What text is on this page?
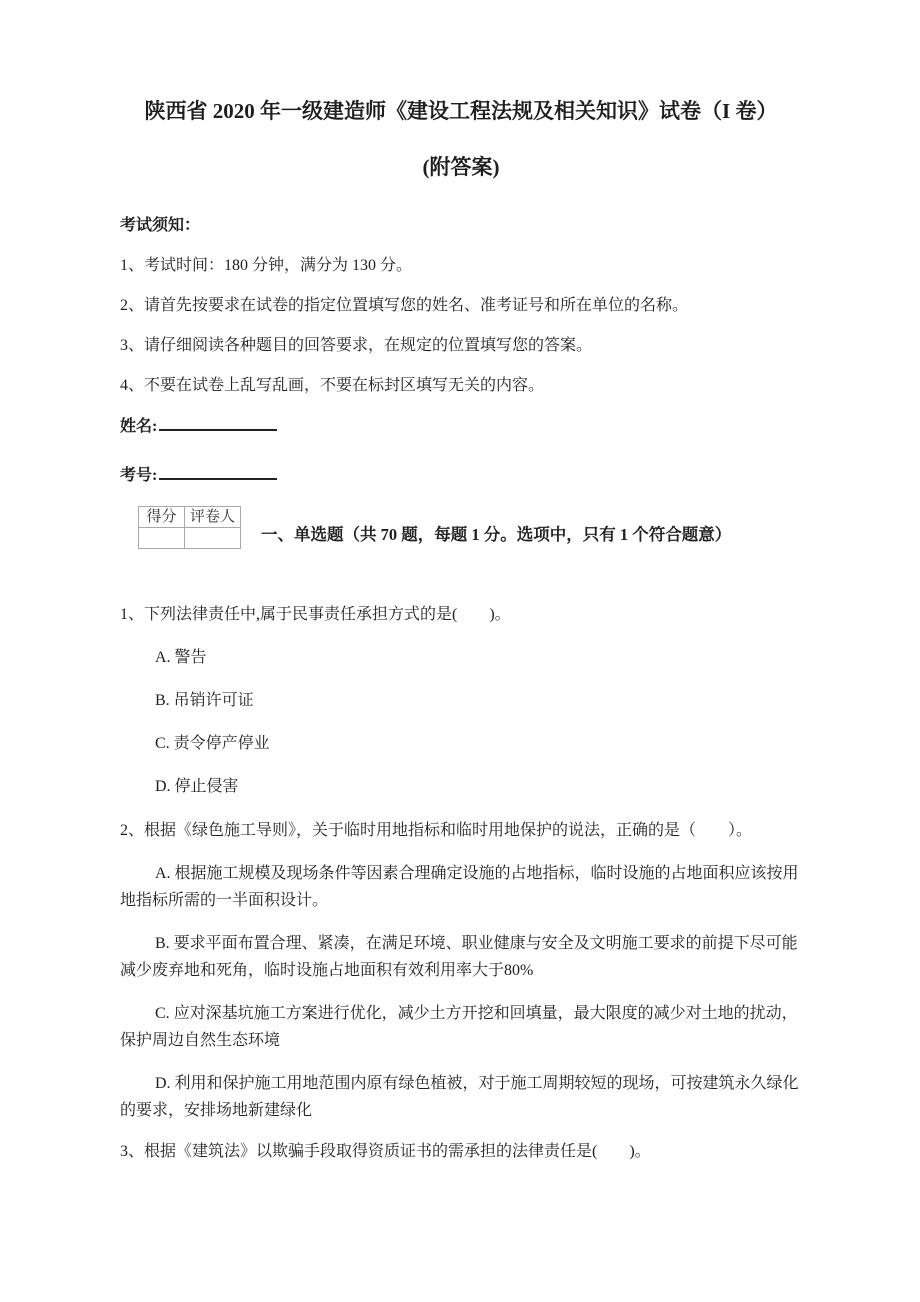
陕西省 2020 年一级建造师《建设工程法规及相关知识》试卷（I 卷）
(附答案)

考试须知：

1、考试时间：180 分钟，满分为 130 分。

2、请首先按要求在试卷的指定位置填写您的姓名、准考证号和所在单位的名称。

3、请仔细阅读各种题目的回答要求，在规定的位置填写您的答案。

4、不要在试卷上乱写乱画，不要在标封区填写无关的内容。

姓名:
考号:
得分	评卷人

一、单选题（共 70 题，每题 1 分。选项中，只有 1 个符合题意）

1、下列法律责任中,属于民事责任承担方式的是(　　)。

A. 警告

B. 吊销许可证

C. 责令停产停业

D. 停止侵害

2、根据《绿色施工导则》，关于临时用地指标和临时用地保护的说法，正确的是（　　）。

A. 根据施工规模及现场条件等因素合理确定设施的占地指标，临时设施的占地面积应该按用地指标所需的一半面积设计。

B. 要求平面布置合理、紧凑，在满足环境、职业健康与安全及文明施工要求的前提下尽可能减少废弃地和死角，临时设施占地面积有效利用率大于80%

C. 应对深基坑施工方案进行优化，减少土方开挖和回填量，最大限度的减少对土地的扰动，保护周边自然生态环境

D. 利用和保护施工用地范围内原有绿色植被，对于施工周期较短的现场，可按建筑永久绿化的要求，安排场地新建绿化

3、根据《建筑法》以欺骗手段取得资质证书的需承担的法律责任是(　　)。
